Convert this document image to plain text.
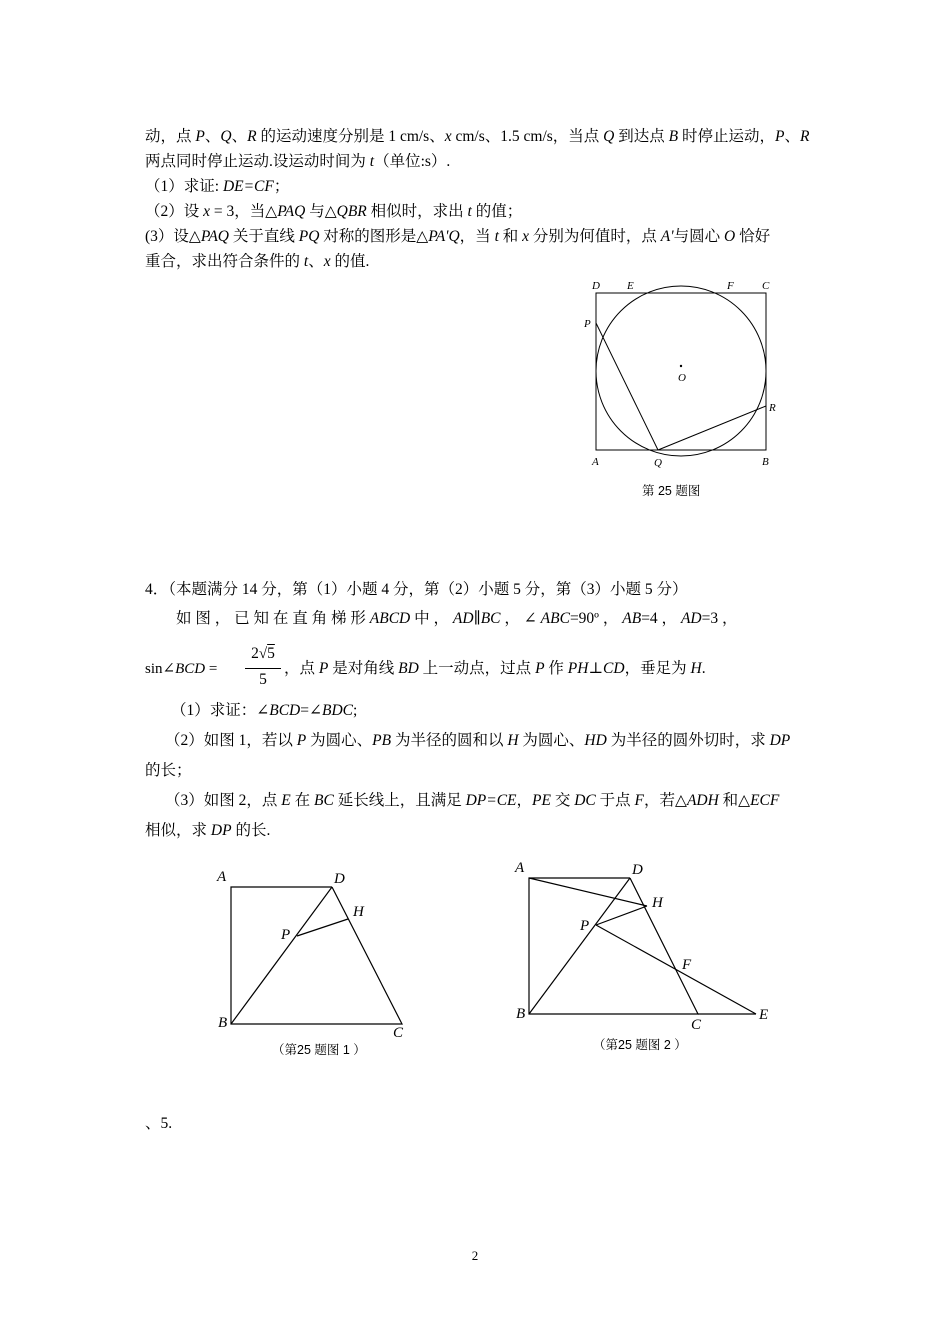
动，点 P、Q、R 的运动速度分别是 1 cm/s、x cm/s、1.5 cm/s，当点 Q 到达点 B 时停止运动，P、R
两点同时停止运动.设运动时间为 t（单位:s）.
（1）求证: DE=CF；
（2）设 x = 3，当△PAQ 与△QBR 相似时，求出 t 的值；
(3）设△PAQ 关于直线 PQ 对称的图形是△PA'Q，当 t 和 x 分别为何值时，点 A'与圆心 O 恰好
重合，求出符合条件的 t、x 的值.
D E	F	C
P
O
R
A	Q	B
A	D
H
P
B
C
A	D
H
P
F
B
C
E
第 25 题图
4．（本题满分 14 分，第（1）小题 4 分，第（2）小题 5 分，第（3）小题 5 分）
如 图 ， 已 知 在 直 角 梯 形 ABCD 中 ， AD∥BC ， ∠ ABC=90º ， AB=4 ， AD=3 ，
sin∠BCD =
2√5
5
，点 P 是对角线 BD 上一动点，过点 P 作 PH⊥CD，垂足为 H.
（1）求证：∠BCD=∠BDC;
（2）如图 1，若以 P 为圆心、PB 为半径的圆和以 H 为圆心、HD 为半径的圆外切时，求 DP
的长；
（3）如图 2，点 E 在 BC 延长线上，且满足 DP=CE，PE 交 DC 于点 F，若△ADH 和△ECF
相似，求 DP 的长.
（第25 题图 1 ）	（第25 题图 2 ）
、5.
2
